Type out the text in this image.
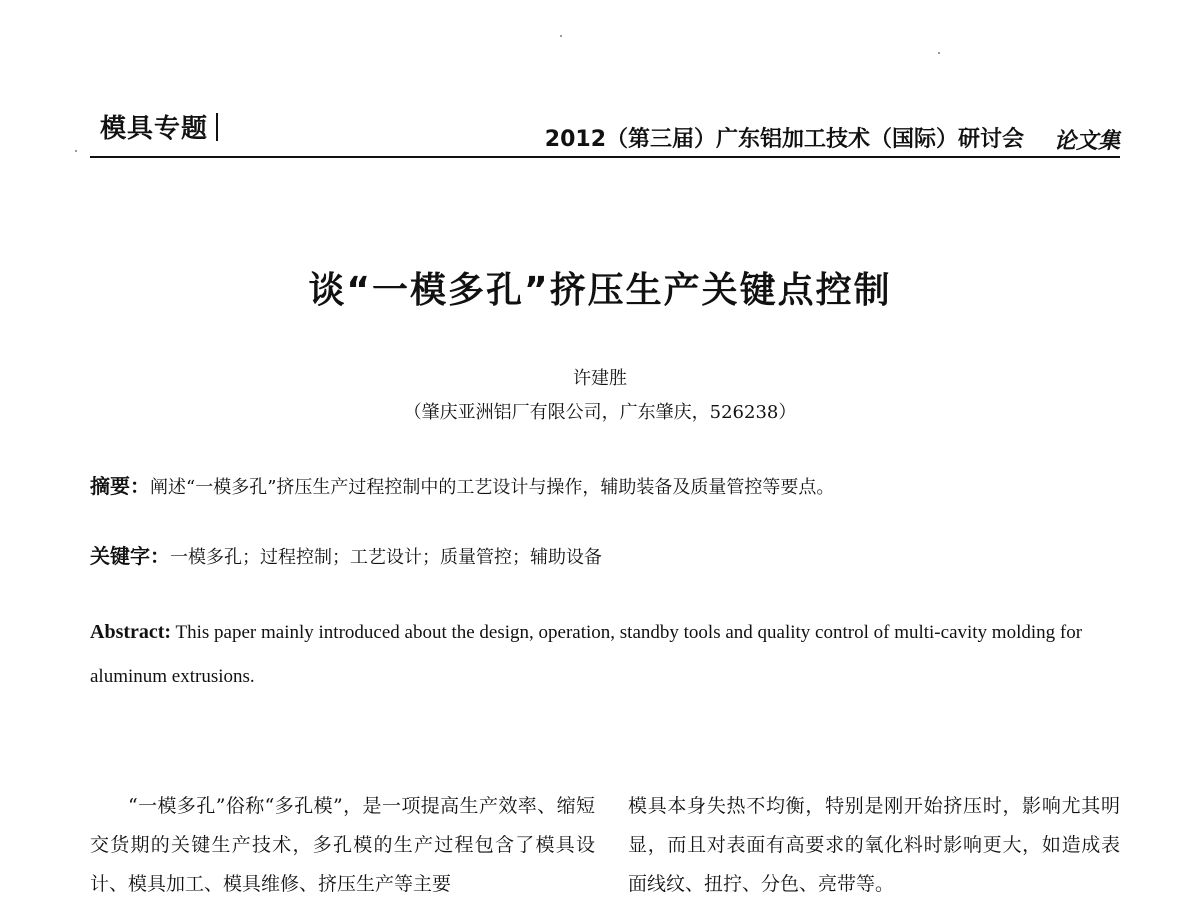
模具专题	2012（第三届）广东铝加工技术（国际）研讨会 论文集
谈“一模多孔”挤压生产关键点控制
许建胜
（肇庆亚洲铝厂有限公司，广东肇庆，526238）
摘要：阐述“一模多孔”挤压生产过程控制中的工艺设计与操作，辅助装备及质量管控等要点。
关键字：一模多孔；过程控制；工艺设计；质量管控；辅助设备
Abstract: This paper mainly introduced about the design, operation, standby tools and quality control of multi-cavity molding for aluminum extrusions.
“一模多孔”俗称“多孔模”，是一项提高生产效率、缩短交货期的关键生产技术，多孔模的生产过程包含了模具设计、模具加工、模具维修、挤压生产等主要
模具本身失热不均衡，特别是刚开始挤压时，影响尤其明显，而且对表面有高要求的氧化料时影响更大，如造成表面线纹、扭拧、分色、亮带等。
